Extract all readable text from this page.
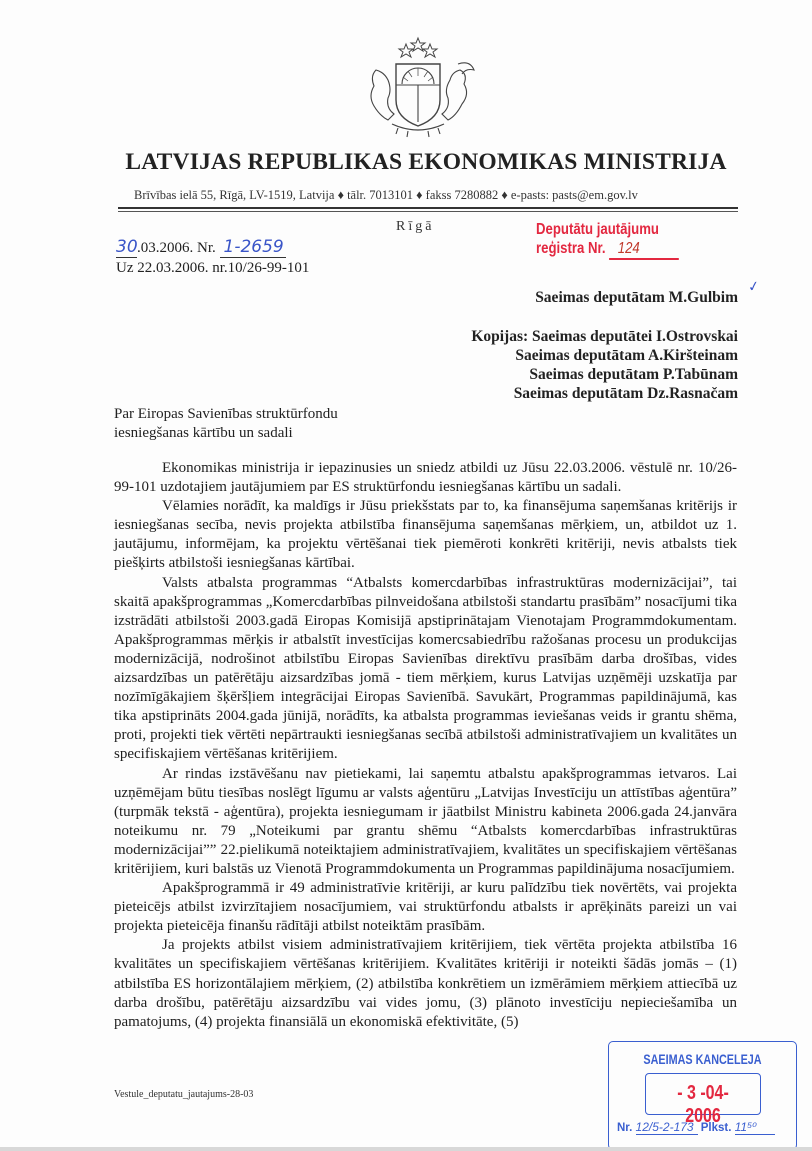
LATVIJAS REPUBLIKAS EKONOMIKAS MINISTRIJA
Brīvības ielā 55, Rīgā, LV-1519, Latvija ♦ tālr. 7013101 ♦ fakss 7280882 ♦ e-pasts: pasts@em.gov.lv
Rīgā
30.03.2006. Nr. 1-2659
Uz 22.03.2006. nr.10/26-99-101
Deputātu jautājumu
reģistra Nr. 124
✓
Saeimas deputātam M.Gulbim
Kopijas: Saeimas deputātei I.Ostrovskai
Saeimas deputātam A.Kiršteinam
Saeimas deputātam P.Tabūnam
Saeimas deputātam Dz.Rasnačam
Par Eiropas Savienības struktūrfondu
iesniegšanas kārtību un sadali

Ekonomikas ministrija ir iepazinusies un sniedz atbildi uz Jūsu 22.03.2006. vēstulē nr. 10/26-99-101 uzdotajiem jautājumiem par ES struktūrfondu iesniegšanas kārtību un sadali.

Vēlamies norādīt, ka maldīgs ir Jūsu priekšstats par to, ka finansējuma saņemšanas kritērijs ir iesniegšanas secība, nevis projekta atbilstība finansējuma saņemšanas mērķiem, un, atbildot uz 1. jautājumu, informējam, ka projektu vērtēšanai tiek piemēroti konkrēti kritēriji, nevis atbalsts tiek piešķirts atbilstoši iesniegšanas kārtībai.

Valsts atbalsta programmas “Atbalsts komercdarbības infrastruktūras modernizācijai”, tai skaitā apakšprogrammas „Komercdarbības pilnveidošana atbilstoši standartu prasībām” nosacījumi tika izstrādāti atbilstoši 2003.gadā Eiropas Komisijā apstiprinātajam Vienotajam Programmdokumentam. Apakšprogrammas mērķis ir atbalstīt investīcijas komercsabiedrību ražošanas procesu un produkcijas modernizācijā, nodrošinot atbilstību Eiropas Savienības direktīvu prasībām darba drošības, vides aizsardzības un patērētāju aizsardzības jomā - tiem mērķiem, kurus Latvijas uzņēmēji uzskatīja par nozīmīgākajiem šķēršļiem integrācijai Eiropas Savienībā. Savukārt, Programmas papildinājumā, kas tika apstiprināts 2004.gada jūnijā, norādīts, ka atbalsta programmas ieviešanas veids ir grantu shēma, proti, projekti tiek vērtēti nepārtraukti iesniegšanas secībā atbilstoši administratīvajiem un kvalitātes un specifiskajiem vērtēšanas kritērijiem.

Ar rindas izstāvēšanu nav pietiekami, lai saņemtu atbalstu apakšprogrammas ietvaros. Lai uzņēmējam būtu tiesības noslēgt līgumu ar valsts aģentūru „Latvijas Investīciju un attīstības aģentūra” (turpmāk tekstā - aģentūra), projekta iesniegumam ir jāatbilst Ministru kabineta 2006.gada 24.janvāra noteikumu nr. 79 „Noteikumi par grantu shēmu “Atbalsts komercdarbības infrastruktūras modernizācijai”” 22.pielikumā noteiktajiem administratīvajiem, kvalitātes un specifiskajiem vērtēšanas kritērijiem, kuri balstās uz Vienotā Programmdokumenta un Programmas papildinājuma nosacījumiem.

Apakšprogrammā ir 49 administratīvie kritēriji, ar kuru palīdzību tiek novērtēts, vai projekta pieteicējs atbilst izvirzītajiem nosacījumiem, vai struktūrfondu atbalsts ir aprēķināts pareizi un vai projekta pieteicēja finanšu rādītāji atbilst noteiktām prasībām.

Ja projekts atbilst visiem administratīvajiem kritērijiem, tiek vērtēta projekta atbilstība 16 kvalitātes un specifiskajiem vērtēšanas kritērijiem. Kvalitātes kritēriji ir noteikti šādās jomās – (1) atbilstība ES horizontālajiem mērķiem, (2) atbilstība konkrētiem un izmērāmiem mērķiem attiecībā uz darba drošību, patērētāju aizsardzību vai vides jomu, (3) plānoto investīciju nepieciešamība un pamatojums, (4) projekta finansiālā un ekonomiskā efektivitāte, (5)

Vestule_deputatu_jautajums-28-03
SAEIMAS KANCELEJA
- 3 -04- 2006
Nr. 12/5-2-173 Plkst. 11⁵⁰
